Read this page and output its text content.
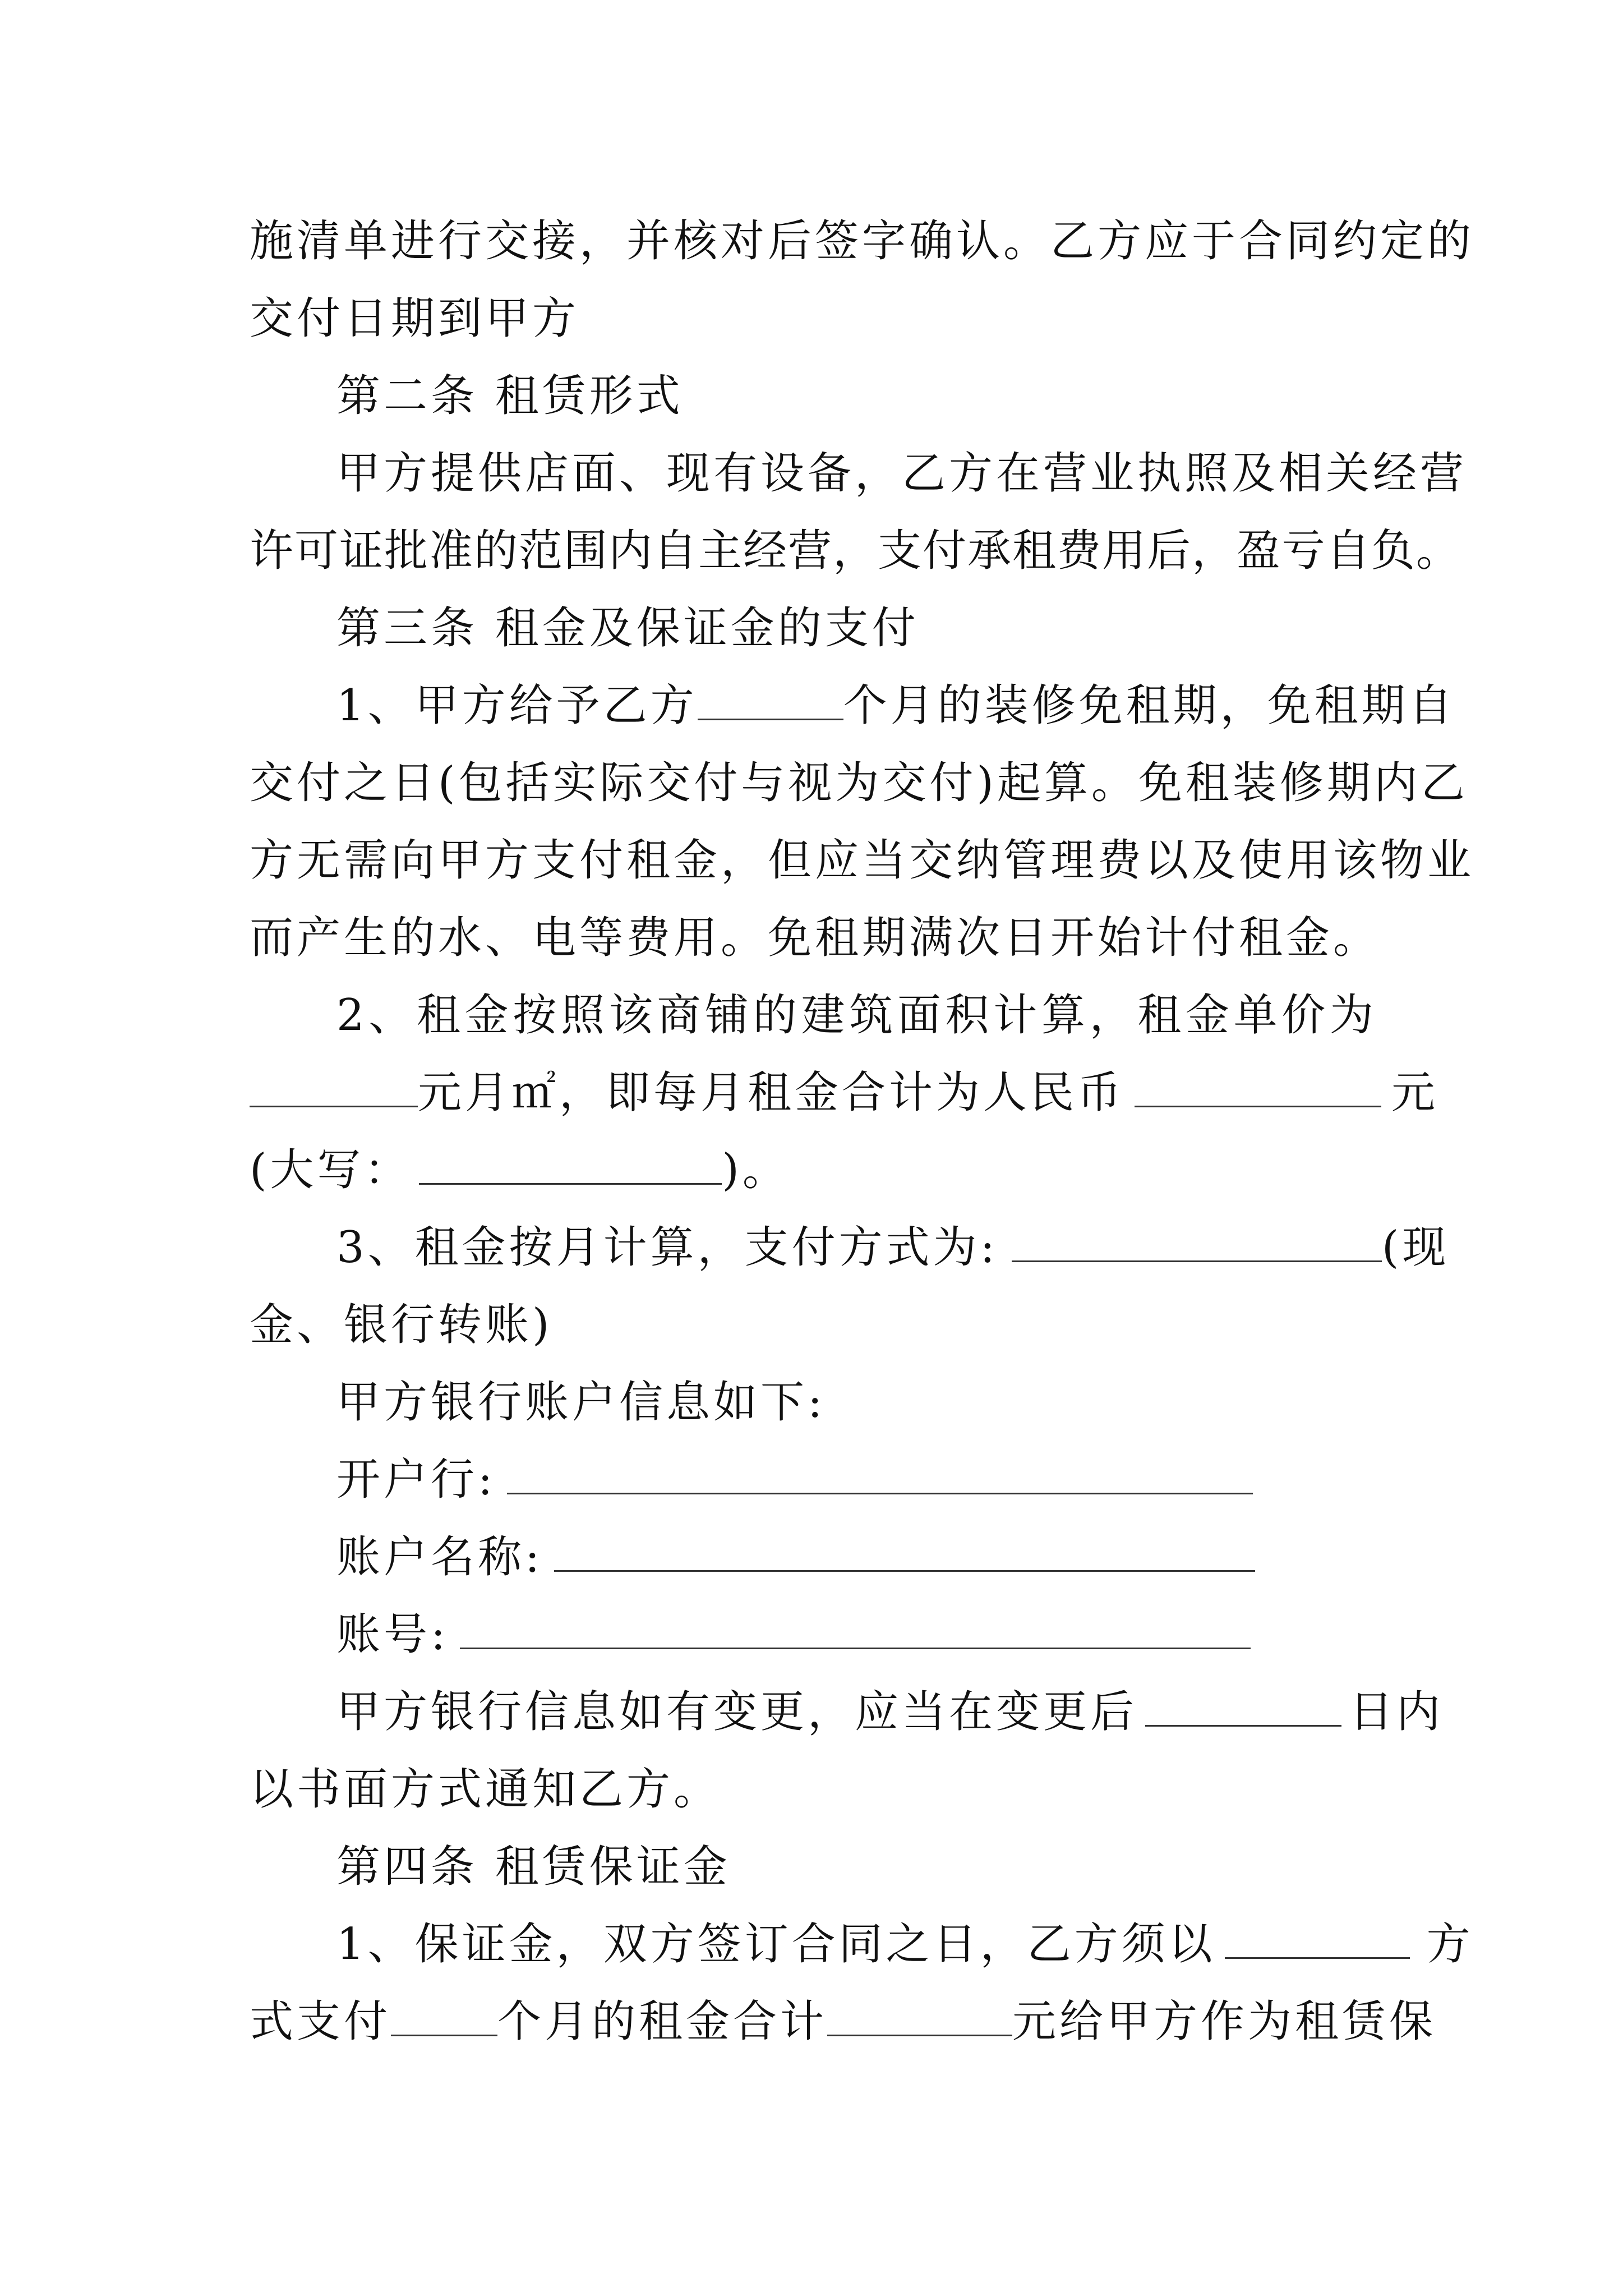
施清单进行交接，并核对后签字确认。乙方应于合同约定的
交付日期到甲方
第二条 租赁形式
甲方提供店面、现有设备，乙方在营业执照及相关经营
许可证批准的范围内自主经营，支付承租费用后，盈亏自负。
第三条 租金及保证金的支付
1、甲方给予乙方	个月的装修免租期，免租期自
交付之日(包括实际交付与视为交付)起算。免租装修期内乙
方无需向甲方支付租金，但应当交纳管理费以及使用该物业
而产生的水、电等费用。免租期满次日开始计付租金。
2、租金按照该商铺的建筑面积计算，租金单价为
元月㎡，即每月租金合计为人民币	元
(大写：	)。
3、租金按月计算，支付方式为:	(现
金、银行转账)
甲方银行账户信息如下:
开户行:
账户名称:
账号:
甲方银行信息如有变更，应当在变更后	日内
以书面方式通知乙方。
第四条 租赁保证金
1、保证金，双方签订合同之日，乙方须以	方
式支付 个月的租金合计	元给甲方作为租赁保
